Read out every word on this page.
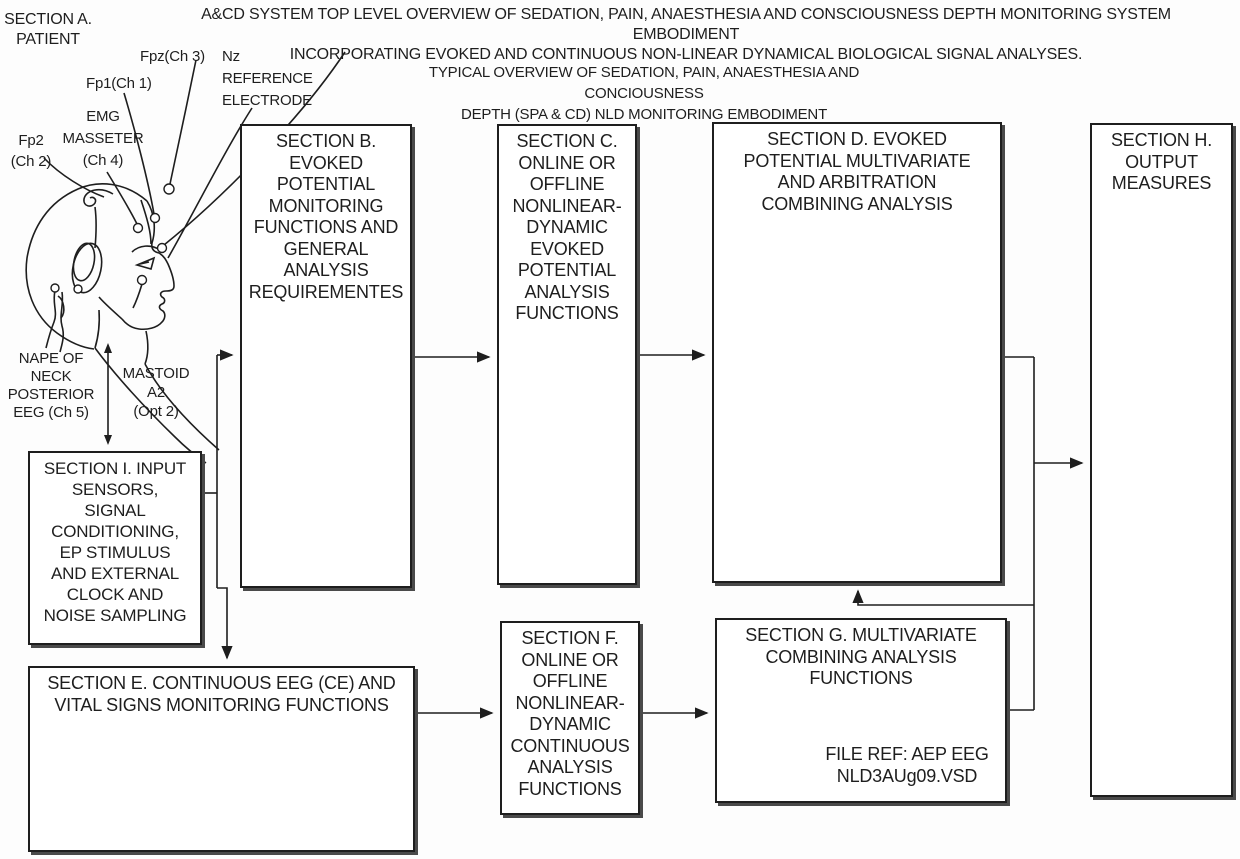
A&CD SYSTEM TOP LEVEL OVERVIEW OF SEDATION, PAIN, ANAESTHESIA AND CONSCIOUSNESS DEPTH MONITORING SYSTEM EMBODIMENT
INCORPORATING EVOKED AND CONTINUOUS NON-LINEAR DYNAMICAL BIOLOGICAL SIGNAL ANALYSES.
TYPICAL OVERVIEW OF SEDATION, PAIN, ANAESTHESIA AND CONCIOUSNESS
DEPTH (SPA & CD) NLD MONITORING EMBODIMENT
SECTION A.
PATIENT
Fpz(Ch 3) Nz
REFERENCE
ELECTRODE
Fp1(Ch 1)
EMG
MASSETER
(Ch 4)
Fp2
(Ch 2)
NAPE OF
NECK
POSTERIOR
EEG (Ch 5)
MASTOID
A2
(Opt 2)
SECTION I. INPUT
SENSORS,
SIGNAL
CONDITIONING,
EP STIMULUS
AND EXTERNAL
CLOCK AND
NOISE SAMPLING
SECTION B.
EVOKED
POTENTIAL
MONITORING
FUNCTIONS AND
GENERAL
ANALYSIS
REQUIREMENTES
SECTION C.
ONLINE OR
OFFLINE
NONLINEAR-
DYNAMIC
EVOKED
POTENTIAL
ANALYSIS
FUNCTIONS
SECTION D. EVOKED
POTENTIAL MULTIVARIATE
AND ARBITRATION
COMBINING ANALYSIS
SECTION H.
OUTPUT
MEASURES
SECTION E. CONTINUOUS EEG (CE) AND
VITAL SIGNS MONITORING FUNCTIONS
SECTION F.
ONLINE OR
OFFLINE
NONLINEAR-
DYNAMIC
CONTINUOUS
ANALYSIS
FUNCTIONS
SECTION G. MULTIVARIATE
COMBINING ANALYSIS
FUNCTIONS
FILE REF: AEP EEG
NLD3AUg09.VSD
